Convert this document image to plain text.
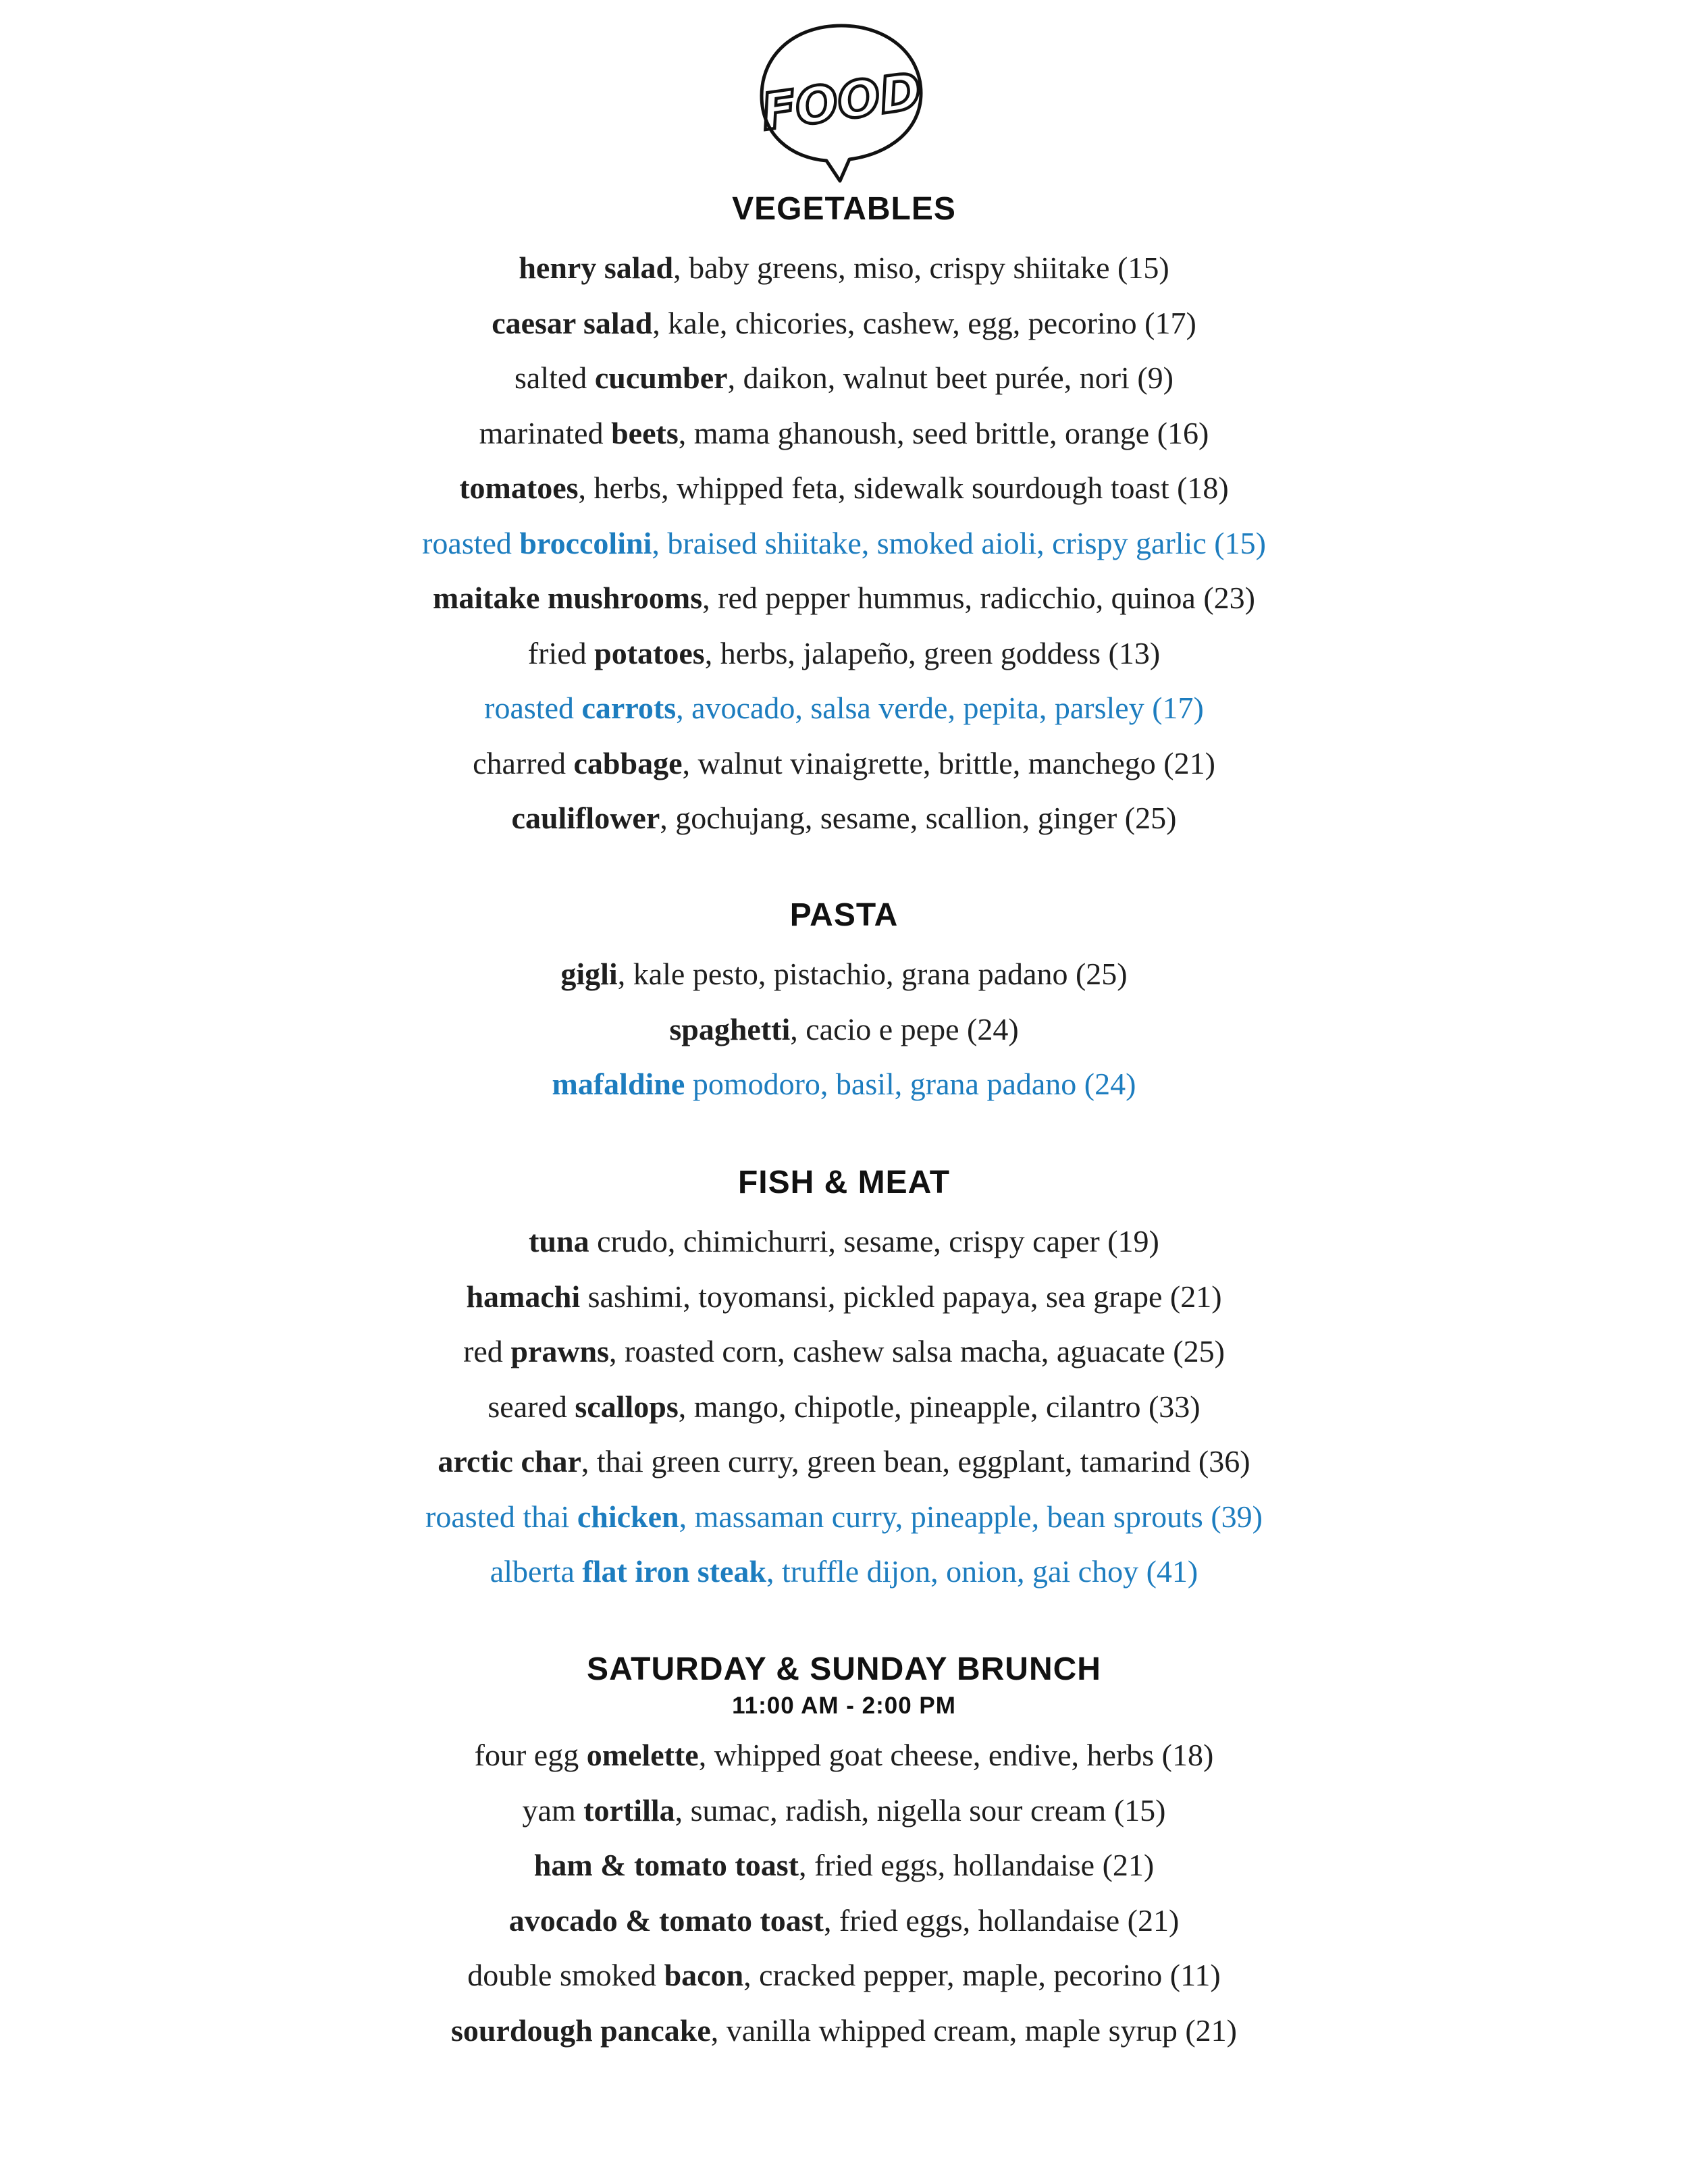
FOOD
VEGETABLES
henry salad, baby greens, miso, crispy shiitake (15)
caesar salad, kale, chicories, cashew, egg, pecorino (17)
salted cucumber, daikon, walnut beet purée, nori (9)
marinated beets, mama ghanoush, seed brittle, orange (16)
tomatoes, herbs, whipped feta, sidewalk sourdough toast (18)
roasted broccolini, braised shiitake, smoked aioli, crispy garlic (15)
maitake mushrooms, red pepper hummus, radicchio, quinoa (23)
fried potatoes, herbs, jalapeño, green goddess (13)
roasted carrots, avocado, salsa verde, pepita, parsley (17)
charred cabbage, walnut vinaigrette, brittle, manchego (21)
cauliflower, gochujang, sesame, scallion, ginger (25)
PASTA
gigli, kale pesto, pistachio, grana padano (25)
spaghetti, cacio e pepe (24)
mafaldine pomodoro, basil, grana padano (24)
FISH & MEAT
tuna crudo, chimichurri, sesame, crispy caper (19)
hamachi sashimi, toyomansi, pickled papaya, sea grape (21)
red prawns, roasted corn, cashew salsa macha, aguacate (25)
seared scallops, mango, chipotle, pineapple, cilantro (33)
arctic char, thai green curry, green bean, eggplant, tamarind (36)
roasted thai chicken, massaman curry, pineapple, bean sprouts (39)
alberta flat iron steak, truffle dijon, onion, gai choy (41)
SATURDAY & SUNDAY BRUNCH
11:00 AM - 2:00 PM
four egg omelette, whipped goat cheese, endive, herbs (18)
yam tortilla, sumac, radish, nigella sour cream (15)
ham & tomato toast, fried eggs, hollandaise (21)
avocado & tomato toast, fried eggs, hollandaise (21)
double smoked bacon, cracked pepper, maple, pecorino (11)
sourdough pancake, vanilla whipped cream, maple syrup (21)
